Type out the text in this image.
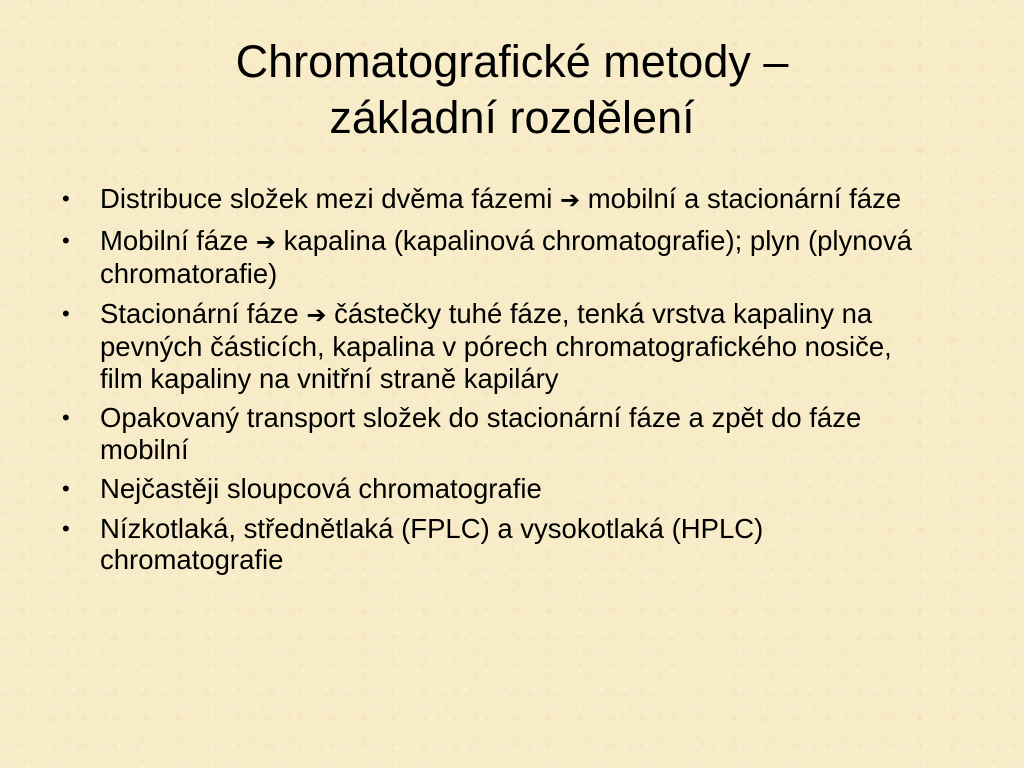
Chromatografické metody –
základní rozdělení
•	Distribuce složek mezi dvěma fázemi ➔ mobilní a stacionární fáze
•	Mobilní fáze ➔ kapalina (kapalinová chromatografie); plyn (plynová chromatorafie)
•	Stacionární fáze ➔ částečky tuhé fáze, tenká vrstva kapaliny na pevných částicích, kapalina v pórech chromatografického nosiče, film kapaliny na vnitřní straně kapiláry
•	Opakovaný transport složek do stacionární fáze a zpět do fáze mobilní
•	Nejčastěji sloupcová chromatografie
•	Nízkotlaká, střednětlaká (FPLC) a vysokotlaká (HPLC) chromatografie
